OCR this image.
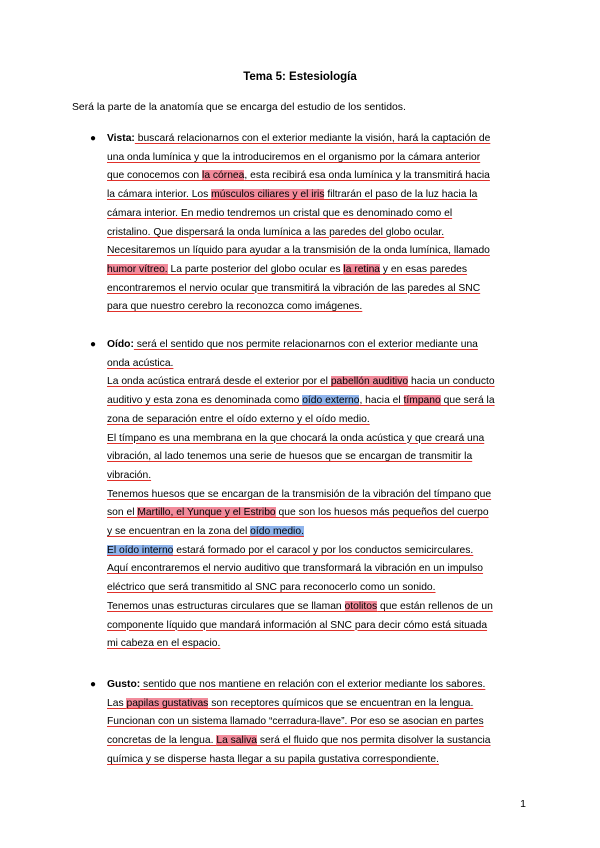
Tema 5: Estesiología
Será la parte de la anatomía que se encarga del estudio de los sentidos.
● Vista: buscará relacionarnos con el exterior mediante la visión, hará la captación de
una onda lumínica y que la introduciremos en el organismo por la cámara anterior
que conocemos con la córnea, esta recibirá esa onda lumínica y la transmitirá hacia
la cámara interior. Los músculos ciliares y el iris filtrarán el paso de la luz hacia la
cámara interior. En medio tendremos un cristal que es denominado como el
cristalino. Que dispersará la onda lumínica a las paredes del globo ocular.
Necesitaremos un líquido para ayudar a la transmisión de la onda lumínica, llamado
humor vítreo. La parte posterior del globo ocular es la retina y en esas paredes
encontraremos el nervio ocular que transmitirá la vibración de las paredes al SNC
para que nuestro cerebro la reconozca como imágenes.
● Oído: será el sentido que nos permite relacionarnos con el exterior mediante una
onda acústica.
La onda acústica entrará desde el exterior por el pabellón auditivo hacia un conducto
auditivo y esta zona es denominada como oído externo, hacia el tímpano que será la
zona de separación entre el oído externo y el oído medio.
El tímpano es una membrana en la que chocará la onda acústica y que creará una
vibración, al lado tenemos una serie de huesos que se encargan de transmitir la
vibración.
Tenemos huesos que se encargan de la transmisión de la vibración del tímpano que
son el Martillo, el Yunque y el Estribo que son los huesos más pequeños del cuerpo
y se encuentran en la zona del oído medio.
El oído interno estará formado por el caracol y por los conductos semicirculares.
Aquí encontraremos el nervio auditivo que transformará la vibración en un impulso
eléctrico que será transmitido al SNC para reconocerlo como un sonido.
Tenemos unas estructuras circulares que se llaman otolitos que están rellenos de un
componente líquido que mandará información al SNC para decir cómo está situada
mi cabeza en el espacio.
● Gusto: sentido que nos mantiene en relación con el exterior mediante los sabores.
Las papilas gustativas son receptores químicos que se encuentran en la lengua.
Funcionan con un sistema llamado “cerradura-llave”. Por eso se asocian en partes
concretas de la lengua. La saliva será el fluido que nos permita disolver la sustancia
química y se disperse hasta llegar a su papila gustativa correspondiente.
1
